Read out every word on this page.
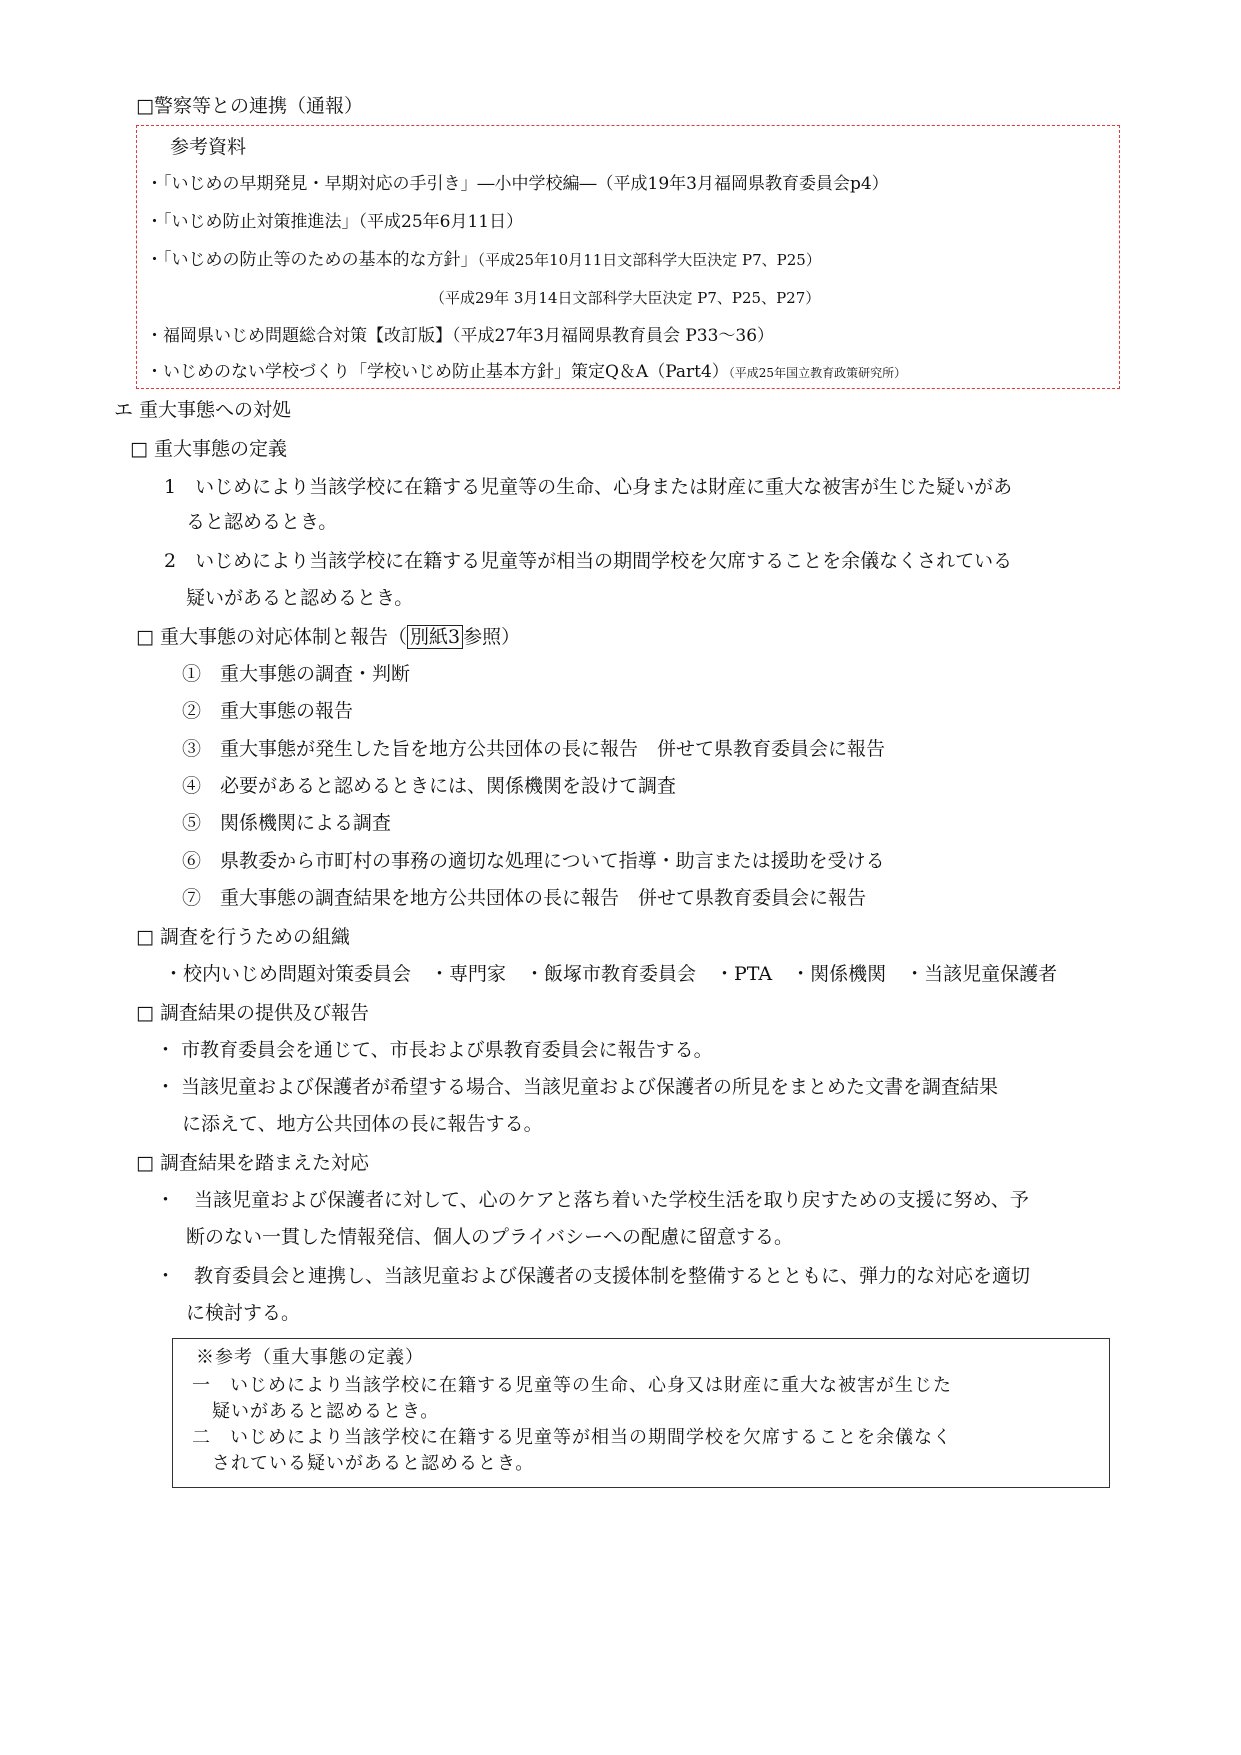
□警察等との連携（通報）
参考資料
・「いじめの早期発見・早期対応の手引き」―小中学校編―（平成19年3月福岡県教育委員会p4）
・「いじめ防止対策推進法」（平成25年6月11日）
・「いじめの防止等のための基本的な方針」（平成25年10月11日文部科学大臣決定 P7、P25）
（平成29年 3月14日文部科学大臣決定 P7、P25、P27）
・福岡県いじめ問題総合対策【改訂版】（平成27年3月福岡県教育員会 P33～36）
・いじめのない学校づくり「学校いじめ防止基本方針」策定Q＆A（Part4）（平成25年国立教育政策研究所）
エ 重大事態への対処
□ 重大事態の定義
1　いじめにより当該学校に在籍する児童等の生命、心身または財産に重大な被害が生じた疑いがあ
ると認めるとき。
2　いじめにより当該学校に在籍する児童等が相当の期間学校を欠席することを余儀なくされている
疑いがあると認めるとき。
□ 重大事態の対応体制と報告（ 別紙3 参照）
①　重大事態の調査・判断
②　重大事態の報告
③　重大事態が発生した旨を地方公共団体の長に報告　併せて県教育委員会に報告
④　必要があると認めるときには、関係機関を設けて調査
⑤　関係機関による調査
⑥　県教委から市町村の事務の適切な処理について指導・助言または援助を受ける
⑦　重大事態の調査結果を地方公共団体の長に報告　併せて県教育委員会に報告
□ 調査を行うための組織
・校内いじめ問題対策委員会　・専門家　・飯塚市教育委員会　・PTA　・関係機関　・当該児童保護者
□ 調査結果の提供及び報告
・ 市教育委員会を通じて、市長および県教育委員会に報告する。
・ 当該児童および保護者が希望する場合、当該児童および保護者の所見をまとめた文書を調査結果
に添えて、地方公共団体の長に報告する。
□ 調査結果を踏まえた対応
・　当該児童および保護者に対して、心のケアと落ち着いた学校生活を取り戻すための支援に努め、予
断のない一貫した情報発信、個人のプライバシーへの配慮に留意する。
・　教育委員会と連携し、当該児童および保護者の支援体制を整備するとともに、弾力的な対応を適切
に検討する。
※参考（重大事態の定義）
一　いじめにより当該学校に在籍する児童等の生命、心身又は財産に重大な被害が生じた
疑いがあると認めるとき。
二　いじめにより当該学校に在籍する児童等が相当の期間学校を欠席することを余儀なく
されている疑いがあると認めるとき。
